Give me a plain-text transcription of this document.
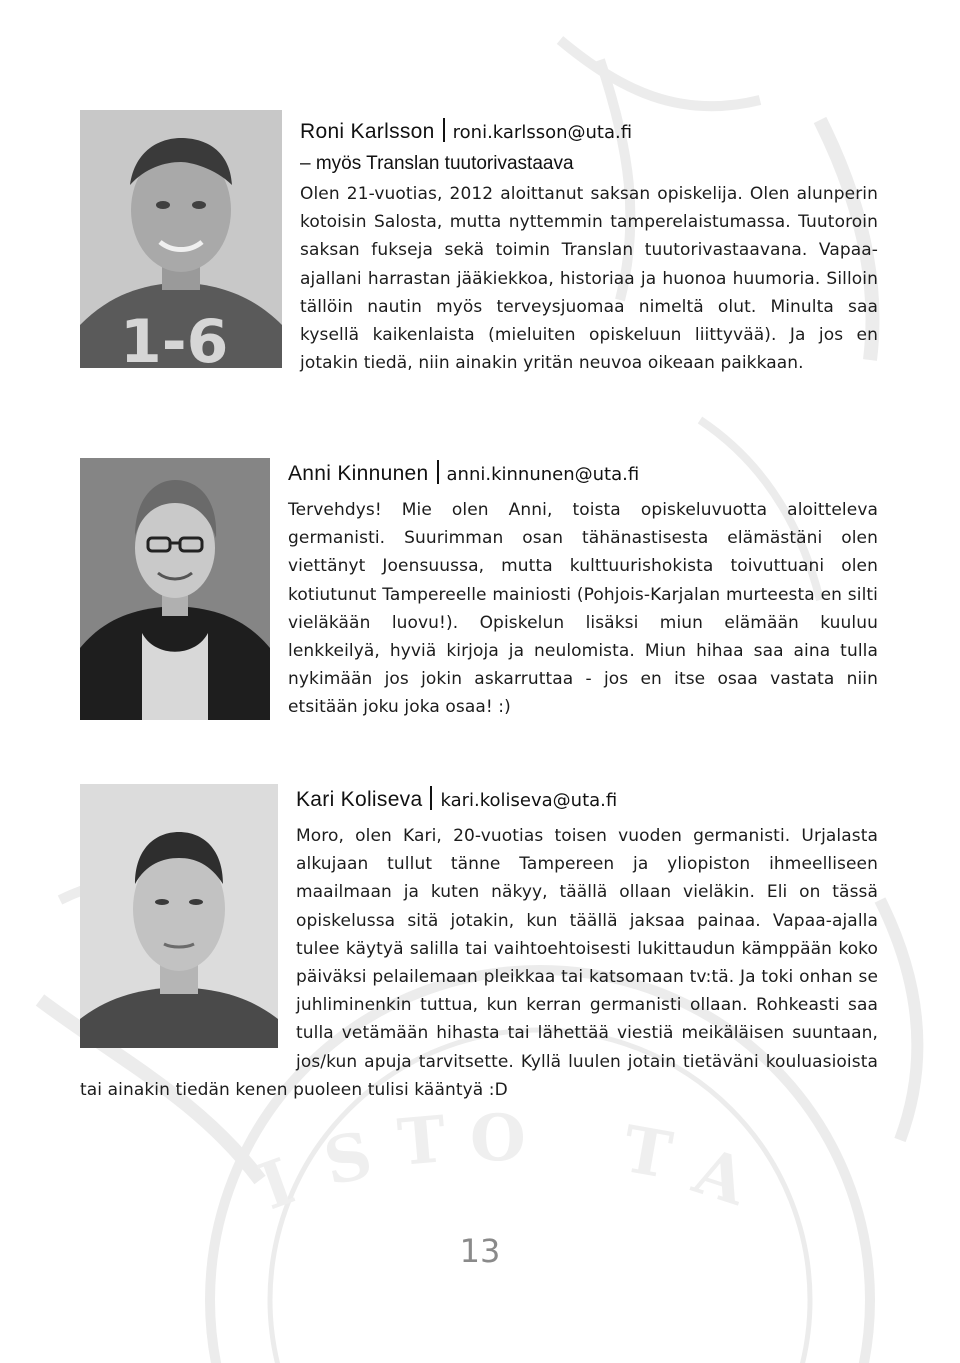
I S T O T A
1-6

Roni Karlsson roni.karlsson@uta.fi

– myös Translan tuutorivastaava

Olen 21-vuotias, 2012 aloittanut saksan opiskelija. Olen alunperin kotoisin Salosta, mutta nyttemmin tamperelaistumassa. Tuutoroin saksan fukseja sekä toimin Translan tuutorivastaavana. Vapaa-ajallani harrastan jääkiekkoa, historiaa ja huonoa huumoria. Silloin tällöin nautin myös terveysjuomaa nimeltä olut. Minulta saa kysellä kaikenlaista (mieluiten opiskeluun liittyvää). Ja jos en jotakin tiedä, niin ainakin yritän neuvoa oikeaan paikkaan.

Anni Kinnunen anni.kinnunen@uta.fi

Tervehdys! Mie olen Anni, toista opiskeluvuotta aloitteleva germanisti. Suurimman osan tähänastisesta elämästäni olen viettänyt Joensuussa, mutta kulttuurishokista toivuttuani olen kotiutunut Tampereelle mainiosti (Pohjois-Karjalan murteesta en silti vieläkään luovu!). Opiskelun lisäksi miun elämään kuuluu lenkkeilyä, hyviä kirjoja ja neulomista. Miun hihaa saa aina tulla nykimään jos jokin askarruttaa - jos en itse osaa vastata niin etsitään joku joka osaa! :)

Kari Koliseva kari.koliseva@uta.fi

Moro, olen Kari, 20-vuotias toisen vuoden germanisti. Urjalasta alkujaan tullut tänne Tampereen ja yliopiston ihmeelliseen maailmaan ja kuten näkyy, täällä ollaan vieläkin. Eli on tässä opiskelussa sitä jotakin, kun täällä jaksaa painaa. Vapaa-ajalla tulee käytyä salilla tai vaihtoehtoisesti lukittaudun kämppään koko päiväksi pelailemaan pleikkaa tai katsomaan tv:tä. Ja toki onhan se juhliminenkin tuttua, kun kerran germanisti ollaan. Rohkeasti saa tulla vetämään hihasta tai lähettää viestiä meikäläisen suuntaan, jos/kun apuja tarvitsette. Kyllä luulen jotain tietäväni kouluasioista tai ainakin tiedän kenen puoleen tulisi kääntyä :D

13
